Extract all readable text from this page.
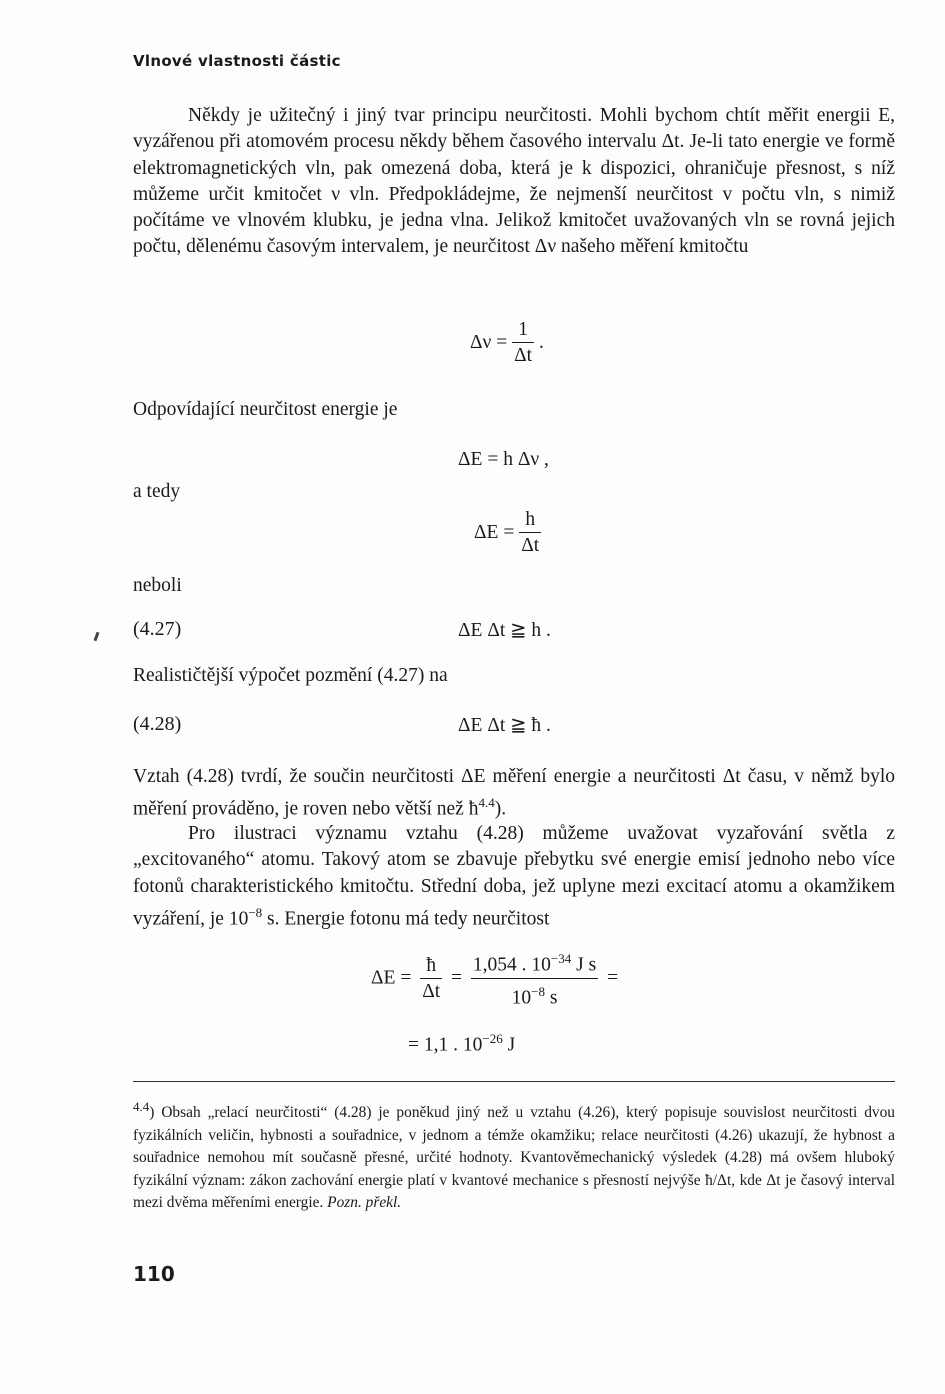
Vlnové vlastnosti částic

Někdy je užitečný i jiný tvar principu neurčitosti. Mohli bychom chtít měřit energii E, vyzářenou při atomovém procesu někdy během časového intervalu Δt. Je-li tato energie ve formě elektromagnetických vln, pak omezená doba, která je k dispozici, ohraničuje přesnost, s níž můžeme určit kmitočet ν vln. Předpokládejme, že nejmenší neurčitost v počtu vln, s nimiž počítáme ve vlnovém klubku, je jedna vlna. Jelikož kmitočet uvažovaných vln se rovná jejich počtu, dělenému časovým intervalem, je neurčitost Δν našeho měření kmitočtu

$\Delta\nu = \frac{1}{\Delta t}$ .
Odpovídající neurčitost energie je
ΔE = h Δν ,
a tedy
$\Delta E = \frac{h}{\Delta t}$
neboli
(4.27)	ΔE Δt ≧ h .
Realističtější výpočet pozmění (4.27) na
(4.28)	ΔE Δt ≧ ħ .

Vztah (4.28) tvrdí, že součin neurčitosti ΔE měření energie a neurčitosti Δt času, v němž bylo měření prováděno, je roven nebo větší než $ħ^{4.4}$).

Pro ilustraci významu vztahu (4.28) můžeme uvažovat vyzařování světla z „excitovaného“ atomu. Takový atom se zbavuje přebytku své energie emisí jednoho nebo více fotonů charakteristického kmitočtu. Střední doba, jež uplyne mezi excitací atomu a okamžikem vyzáření, je $10^{-8}$ s. Energie fotonu má tedy neurčitost

$\Delta E = \frac{ħ}{\Delta t} = \frac{1,054 . 10^{-34} J s}{10^{-8} s}$ =
= 1,1 . $10^{-26}$ J

$^{4.4}$) Obsah „relací neurčitosti“ (4.28) je poněkud jiný než u vztahu (4.26), který popisuje souvislost neurčitosti dvou fyzikálních veličin, hybnosti a souřadnice, v jednom a témže okamžiku; relace neurčitosti (4.26) ukazují, že hybnost a souřadnice nemohou mít současně přesné, určité hodnoty. Kvantověmechanický výsledek (4.28) má ovšem hluboký fyzikální význam: zákon zachování energie platí v kvantové mechanice s přesností nejvýše ħ/Δt, kde Δt je časový interval mezi dvěma měřeními energie. Pozn. překl.

110
